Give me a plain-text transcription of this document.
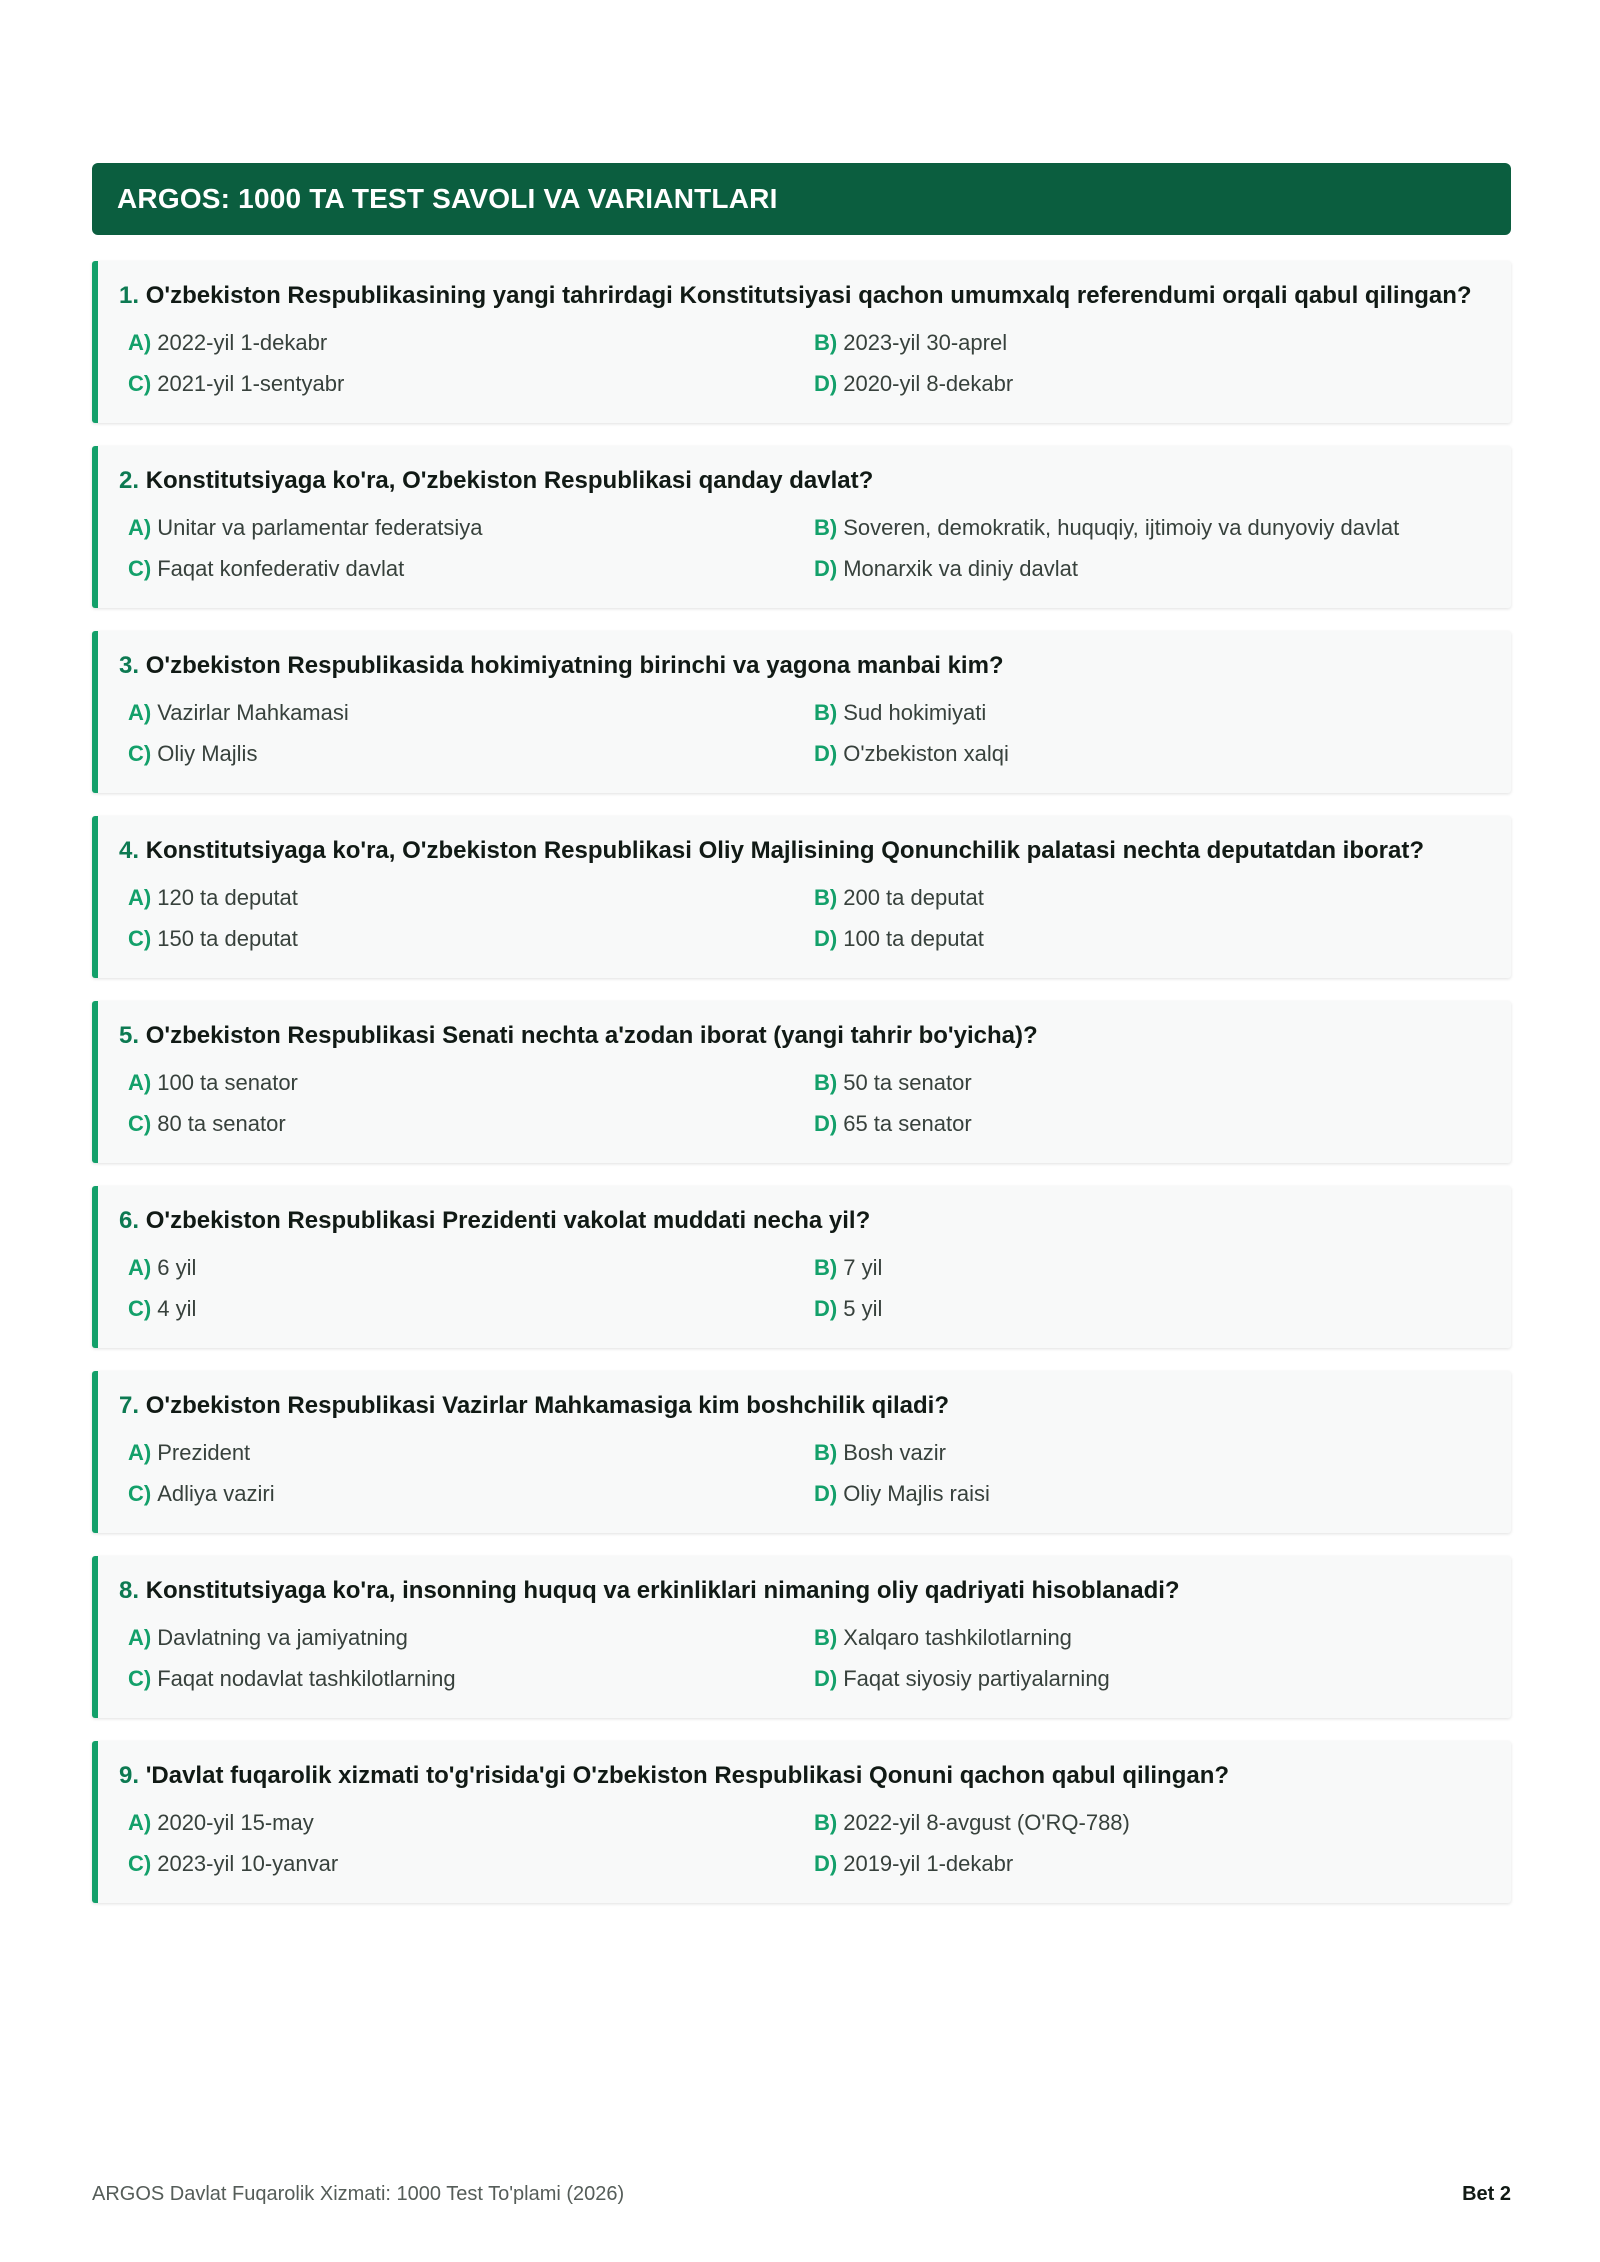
ARGOS: 1000 TA TEST SAVOLI VA VARIANTLARI
1. O'zbekiston Respublikasining yangi tahrirdagi Konstitutsiyasi qachon umumxalq referendumi orqali qabul qilingan?
A) 2022-yil 1-dekabr	B) 2023-yil 30-aprel
C) 2021-yil 1-sentyabr	D) 2020-yil 8-dekabr
2. Konstitutsiyaga ko'ra, O'zbekiston Respublikasi qanday davlat?
A) Unitar va parlamentar federatsiya	B) Soveren, demokratik, huquqiy, ijtimoiy va dunyoviy davlat
C) Faqat konfederativ davlat	D) Monarxik va diniy davlat
3. O'zbekiston Respublikasida hokimiyatning birinchi va yagona manbai kim?
A) Vazirlar Mahkamasi	B) Sud hokimiyati
C) Oliy Majlis	D) O'zbekiston xalqi
4. Konstitutsiyaga ko'ra, O'zbekiston Respublikasi Oliy Majlisining Qonunchilik palatasi nechta deputatdan iborat?
A) 120 ta deputat	B) 200 ta deputat
C) 150 ta deputat	D) 100 ta deputat
5. O'zbekiston Respublikasi Senati nechta a'zodan iborat (yangi tahrir bo'yicha)?
A) 100 ta senator	B) 50 ta senator
C) 80 ta senator	D) 65 ta senator
6. O'zbekiston Respublikasi Prezidenti vakolat muddati necha yil?
A) 6 yil	B) 7 yil
C) 4 yil	D) 5 yil
7. O'zbekiston Respublikasi Vazirlar Mahkamasiga kim boshchilik qiladi?
A) Prezident	B) Bosh vazir
C) Adliya vaziri	D) Oliy Majlis raisi
8. Konstitutsiyaga ko'ra, insonning huquq va erkinliklari nimaning oliy qadriyati hisoblanadi?
A) Davlatning va jamiyatning	B) Xalqaro tashkilotlarning
C) Faqat nodavlat tashkilotlarning	D) Faqat siyosiy partiyalarning
9. 'Davlat fuqarolik xizmati to'g'risida'gi O'zbekiston Respublikasi Qonuni qachon qabul qilingan?
A) 2020-yil 15-may	B) 2022-yil 8-avgust (O'RQ-788)
C) 2023-yil 10-yanvar	D) 2019-yil 1-dekabr
ARGOS Davlat Fuqarolik Xizmati: 1000 Test To'plami (2026)	Bet 2
